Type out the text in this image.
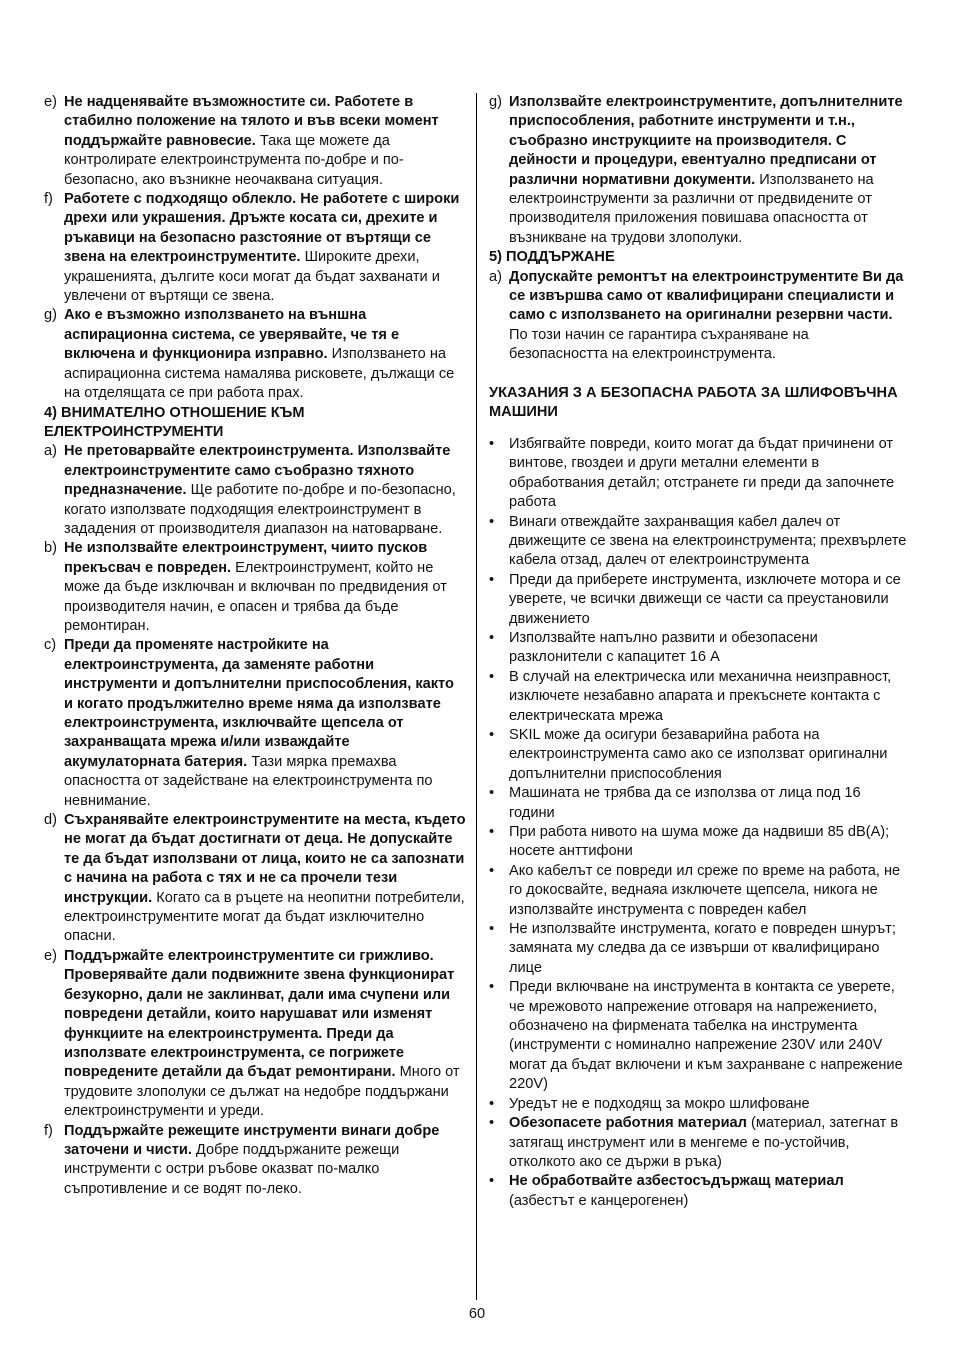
e) Не надценявайте възможностите си. Работете в стабилно положение на тялото и във всеки момент поддържайте равновесие. Така ще можете да контролирате електроинструмента по-добре и по-безопасно, ако възникне неочаквана ситуация.
f) Работете с подходящо облекло. Не работете с широки дрехи или украшения. Дръжте косата си, дрехите и ръкавици на безопасно разстояние от въртящи се звена на електроинструментите. Широките дрехи, украшенията, дългите коси могат да бъдат захванати и увлечени от въртящи се звена.
g) Ако е възможно използването на външна аспирационна система, се уверявайте, че тя е включена и функционира изправно. Използването на аспирационна система намалява рисковете, дължащи се на отделящата се при работа прах.
4) ВНИМАТЕЛНО ОТНОШЕНИЕ КЪМ ЕЛЕКТРОИНСТРУМЕНТИ
a) Не претоварвайте електроинструмента. Използвайте електроинструментите само съобразно тяхното предназначение. Ще работите по-добре и по-безопасно, когато използвате подходящия електроинструмент в зададения от производителя диапазон на натоварване.
b) Не използвайте електроинструмент, чиито пусков прекъсвач е повреден. Електроинструмент, който не може да бъде изключван и включван по предвидения от производителя начин, е опасен и трябва да бъде ремонтиран.
c) Преди да променяте настройките на електроинструмента, да заменяте работни инструменти и допълнителни приспособления, както и когато продължително време няма да използвате електроинструмента, изключвайте щепсела от захранващата мрежа и/или изваждайте акумулаторната батерия. Тази мярка премахва опасността от задействане на електроинструмента по невнимание.
d) Съхранявайте електроинструментите на места, където не могат да бъдат достигнати от деца. Не допускайте те да бъдат използвани от лица, които не са запознати с начина на работа с тях и не са прочели тези инструкции. Когато са в ръцете на неопитни потребители, електроинструментите могат да бъдат изключително опасни.
e) Поддържайте електроинструментите си грижливо. Проверявайте дали подвижните звена функционират безукорно, дали не заклинват, дали има счупени или повредени детайли, които нарушават или изменят функциите на електроинструмента. Преди да използвате електроинструмента, се погрижете повредените детайли да бъдат ремонтирани. Много от трудовите злополуки се дължат на недобре поддържани електроинструменти и уреди.
f) Поддържайте режещите инструменти винаги добре заточени и чисти. Добре поддържаните режещи инструменти с остри ръбове оказват по-малко съпротивление и се водят по-леко.
g) Използвайте електроинструментите, допълнителните приспособления, работните инструменти и т.н., съобразно инструкциите на производителя. С дейности и процедури, евентуално предписани от различни нормативни документи. Използването на електроинструменти за различни от предвидените от производителя приложения повишава опасността от възникване на трудови злополуки.
5) ПОДДЪРЖАНЕ
a) Допускайте ремонтът на електроинструментите Ви да се извършва само от квалифицирани специалисти и само с използването на оригинални резервни части. По този начин се гарантира съхраняване на безопасността на електроинструмента.
УКАЗАНИЯ З А БЕЗОПАСНА РАБОТА ЗА ШЛИФОВЪЧНА МАШИНИ
•	Избягвайте повреди, които могат да бъдат причинени от винтове, гвоздеи и други метални елементи в обработвания детайл; отстранете ги преди да започнете работа
•	Винаги отвеждайте захранващия кабел далеч от движещите се звена на електроинструмента; прехвърлете кабела отзад, далеч от електроинструмента
•	Преди да приберете инструмента, изключете мотора и се уверете, че всички движещи се части са преустановили движението
•	Използвайте напълно развити и обезопасени разклонители с капацитет 16 А
•	В случай на електрическа или механична неизправност, изключете незабавно апарата и прекъснете контакта с електрическата мрежа
•	SKIL може да осигури безаварийна работа на електроинструмента само ако се използват оригинални допълнителни приспособления
•	Машината не трябва да се използва от лица под 16 години
•	При работа нивото на шума може да надвиши 85 dB(A); носете анттифони
•	Ако кабелът се повреди ил среже по време на работа, не го докосвайте, веднаяа изключете щепсела, никога не използвайте инструмента с повреден кабел
•	Не използвайте инструмента, когато е повреден шнурът; замяната му следва да се извърши от квалифицирано лице
•	Преди включване на инструмента в контакта се уверете, че мрежовото напрежение отговаря на напрежението, обозначено на фирмената табелка на инструмента (инструменти с номинално напрежение 230V или 240V могат да бъдат включени и към захранване с напрежение 220V)
•	Уредът не е подходящ за мокро шлифоване
•	Обезопасете работния материал (материал, затегнат в затягащ инструмент или в менгеме е по-устойчив, отколкото ако се държи в ръка)
•	Не обработвайте азбестосъдържащ материал (азбестът е канцерогенен)
60
